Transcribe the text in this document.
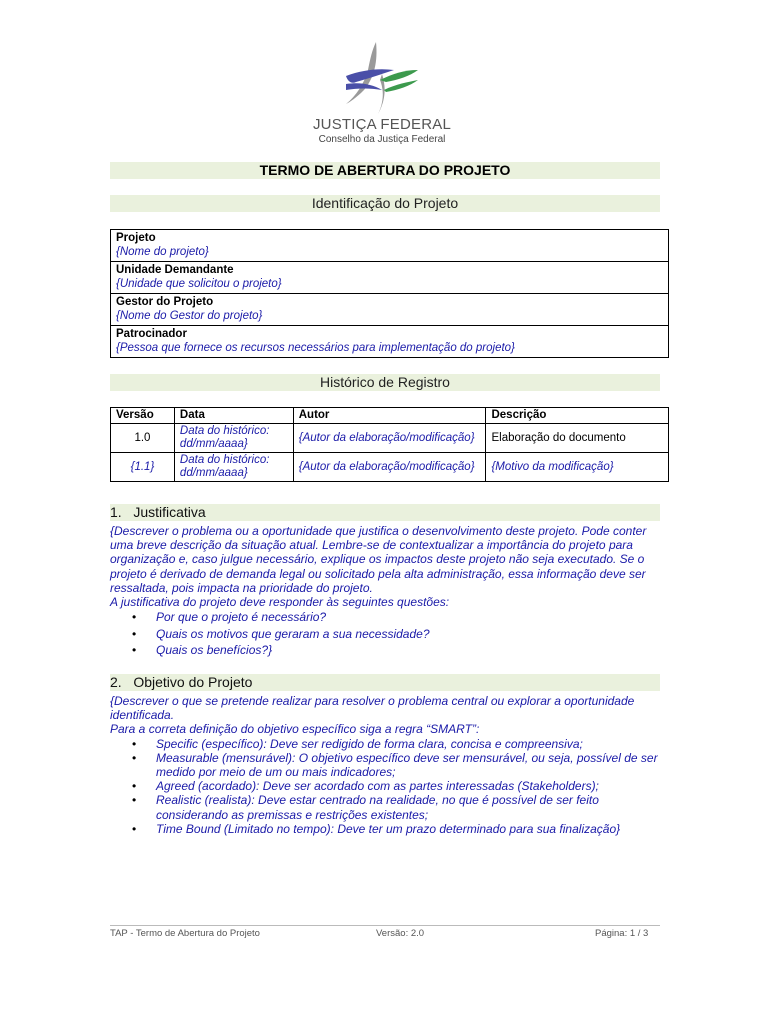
JUSTIÇA FEDERAL
Conselho da Justiça Federal
TERMO DE ABERTURA DO PROJETO
Identificação do Projeto
Projeto
{Nome do projeto}

Unidade Demandante
{Unidade que solicitou o projeto}

Gestor do Projeto
{Nome do Gestor do projeto}

Patrocinador
{Pessoa que fornece os recursos necessários para implementação do projeto}
Histórico de Registro
Versão	Data	Autor	Descrição
1.0	Data do histórico: dd/mm/aaaa}	{Autor da elaboração/modificação}	Elaboração do documento
{1.1}	Data do histórico: dd/mm/aaaa}	{Autor da elaboração/modificação}	{Motivo da modificação}
1.   Justificativa

{Descrever o problema ou a oportunidade que justifica o desenvolvimento deste projeto. Pode conter uma breve descrição da situação atual. Lembre-se de contextualizar a importância do projeto para organização e, caso julgue necessário, explique os impactos deste projeto não seja executado. Se o projeto é derivado de demanda legal ou solicitado pela alta administração, essa informação deve ser ressaltada, pois impacta na prioridade do projeto.

A justificativa do projeto deve responder às seguintes questões:

• Por que o projeto é necessário?
• Quais os motivos que geraram a sua necessidade?
• Quais os benefícios?}
2.   Objetivo do Projeto

{Descrever o que se pretende realizar para resolver o problema central ou explorar a oportunidade identificada.

Para a correta definição do objetivo específico siga a regra “SMART”:

• Specific (específico): Deve ser redigido de forma clara, concisa e compreensiva;
• Measurable (mensurável): O objetivo específico deve ser mensurável, ou seja, possível de ser medido por meio de um ou mais indicadores;
• Agreed (acordado): Deve ser acordado com as partes interessadas (Stakeholders);
• Realistic (realista): Deve estar centrado na realidade, no que é possível de ser feito considerando as premissas e restrições existentes;
• Time Bound (Limitado no tempo): Deve ter um prazo determinado para sua finalização}
TAP - Termo de Abertura do Projeto	Versão: 2.0	Página: 1 / 3
